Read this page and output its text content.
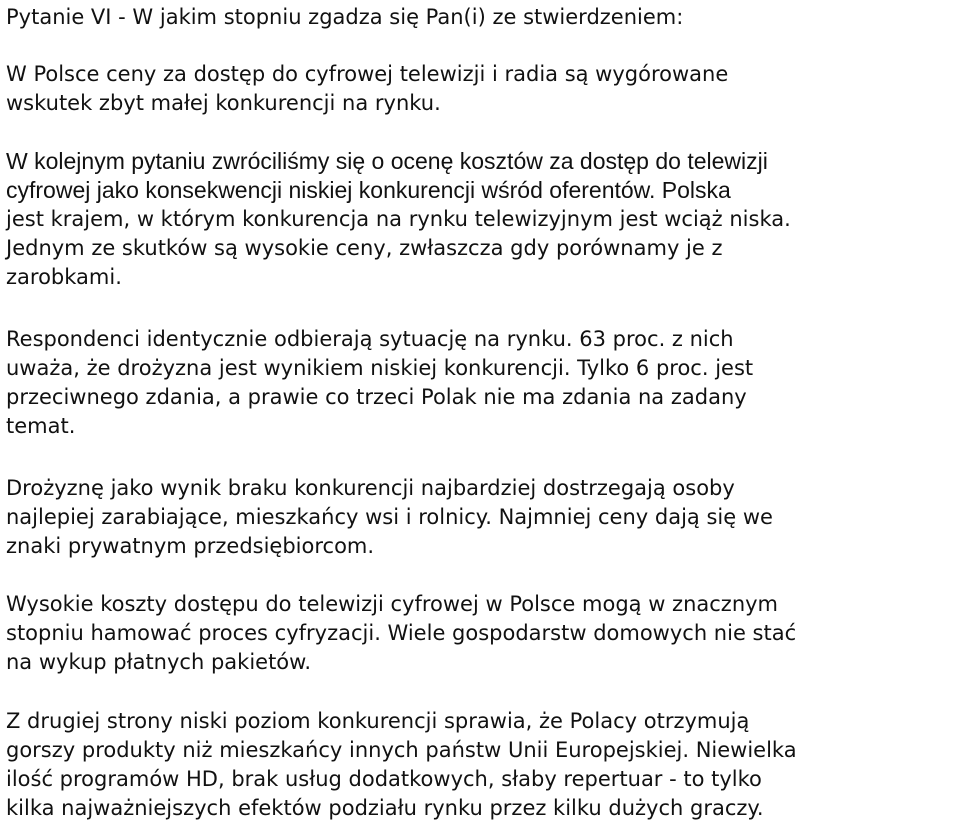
Pytanie VI - W jakim stopniu zgadza się Pan(i) ze stwierdzeniem:

W Polsce ceny za dostęp do cyfrowej telewizji i radia są wygórowane
wskutek zbyt małej konkurencji na rynku.

W kolejnym pytaniu zwróciliśmy się o ocenę kosztów za dostęp do telewizji
cyfrowej jako konsekwencji niskiej konkurencji wśród oferentów. Polska
jest krajem, w którym konkurencja na rynku telewizyjnym jest wciąż niska.
Jednym ze skutków są wysokie ceny, zwłaszcza gdy porównamy je z
zarobkami.

Respondenci identycznie odbierają sytuację na rynku. 63 proc. z nich
uważa, że drożyzna jest wynikiem niskiej konkurencji. Tylko 6 proc. jest
przeciwnego zdania, a prawie co trzeci Polak nie ma zdania na zadany
temat.

Drożyznę jako wynik braku konkurencji najbardziej dostrzegają osoby
najlepiej zarabiające, mieszkańcy wsi i rolnicy. Najmniej ceny dają się we
znaki prywatnym przedsiębiorcom.

Wysokie koszty dostępu do telewizji cyfrowej w Polsce mogą w znacznym
stopniu hamować proces cyfryzacji. Wiele gospodarstw domowych nie stać
na wykup płatnych pakietów.

Z drugiej strony niski poziom konkurencji sprawia, że Polacy otrzymują
gorszy produkty niż mieszkańcy innych państw Unii Europejskiej. Niewielka
ilość programów HD, brak usług dodatkowych, słaby repertuar - to tylko
kilka najważniejszych efektów podziału rynku przez kilku dużych graczy.
